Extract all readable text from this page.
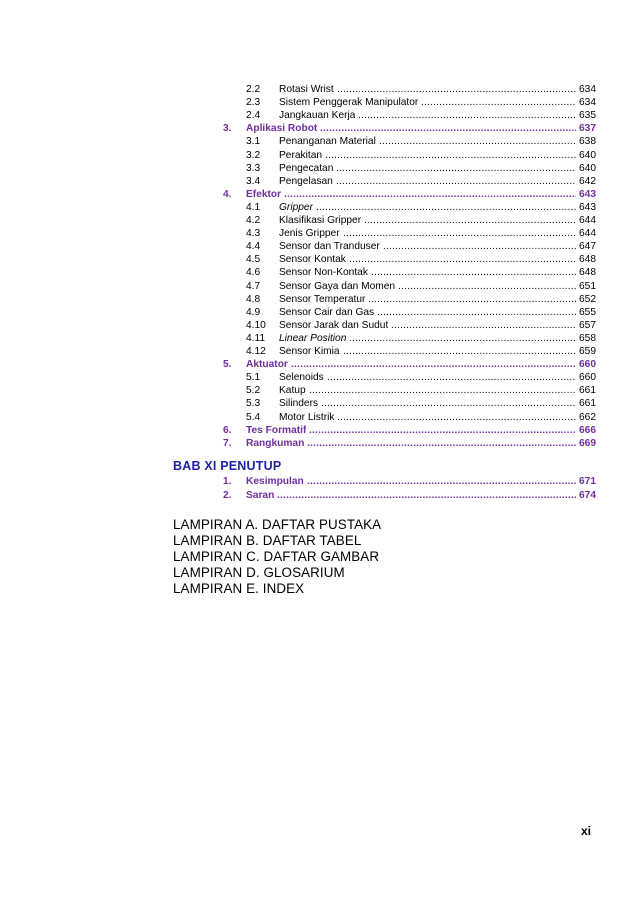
2.2 Rotasi Wrist .....	634
2.3 Sistem Penggerak Manipulator .....	634
2.4 Jangkauan Kerja .....	635
3. Aplikasi Robot .....	637
3.1 Penanganan Material .....	638
3.2 Perakitan .....	640
3.3 Pengecatan .....	640
3.4 Pengelasan .....	642
4. Efektor .....	643
4.1 Gripper .....	643
4.2 Klasifikasi Gripper .....	644
4.3 Jenis Gripper .....	644
4.4 Sensor dan Tranduser .....	647
4.5 Sensor Kontak .....	648
4.6 Sensor Non-Kontak .....	648
4.7 Sensor Gaya dan Momen .....	651
4.8 Sensor Temperatur .....	652
4.9 Sensor Cair dan Gas .....	655
4.10 Sensor Jarak dan Sudut .....	657
4.11 Linear Position .....	658
4.12 Sensor Kimia .....	659
5. Aktuator .....	660
5.1 Selenoids .....	660
5.2 Katup .....	661
5.3 Silinders .....	661
5.4 Motor Listrik .....	662
6. Tes Formatif .....	666
7. Rangkuman .....	669
BAB XI PENUTUP
1. Kesimpulan .....	671
2. Saran .....	674
LAMPIRAN A. DAFTAR PUSTAKA
LAMPIRAN B. DAFTAR TABEL
LAMPIRAN C. DAFTAR GAMBAR
LAMPIRAN D. GLOSARIUM
LAMPIRAN E. INDEX
xi
